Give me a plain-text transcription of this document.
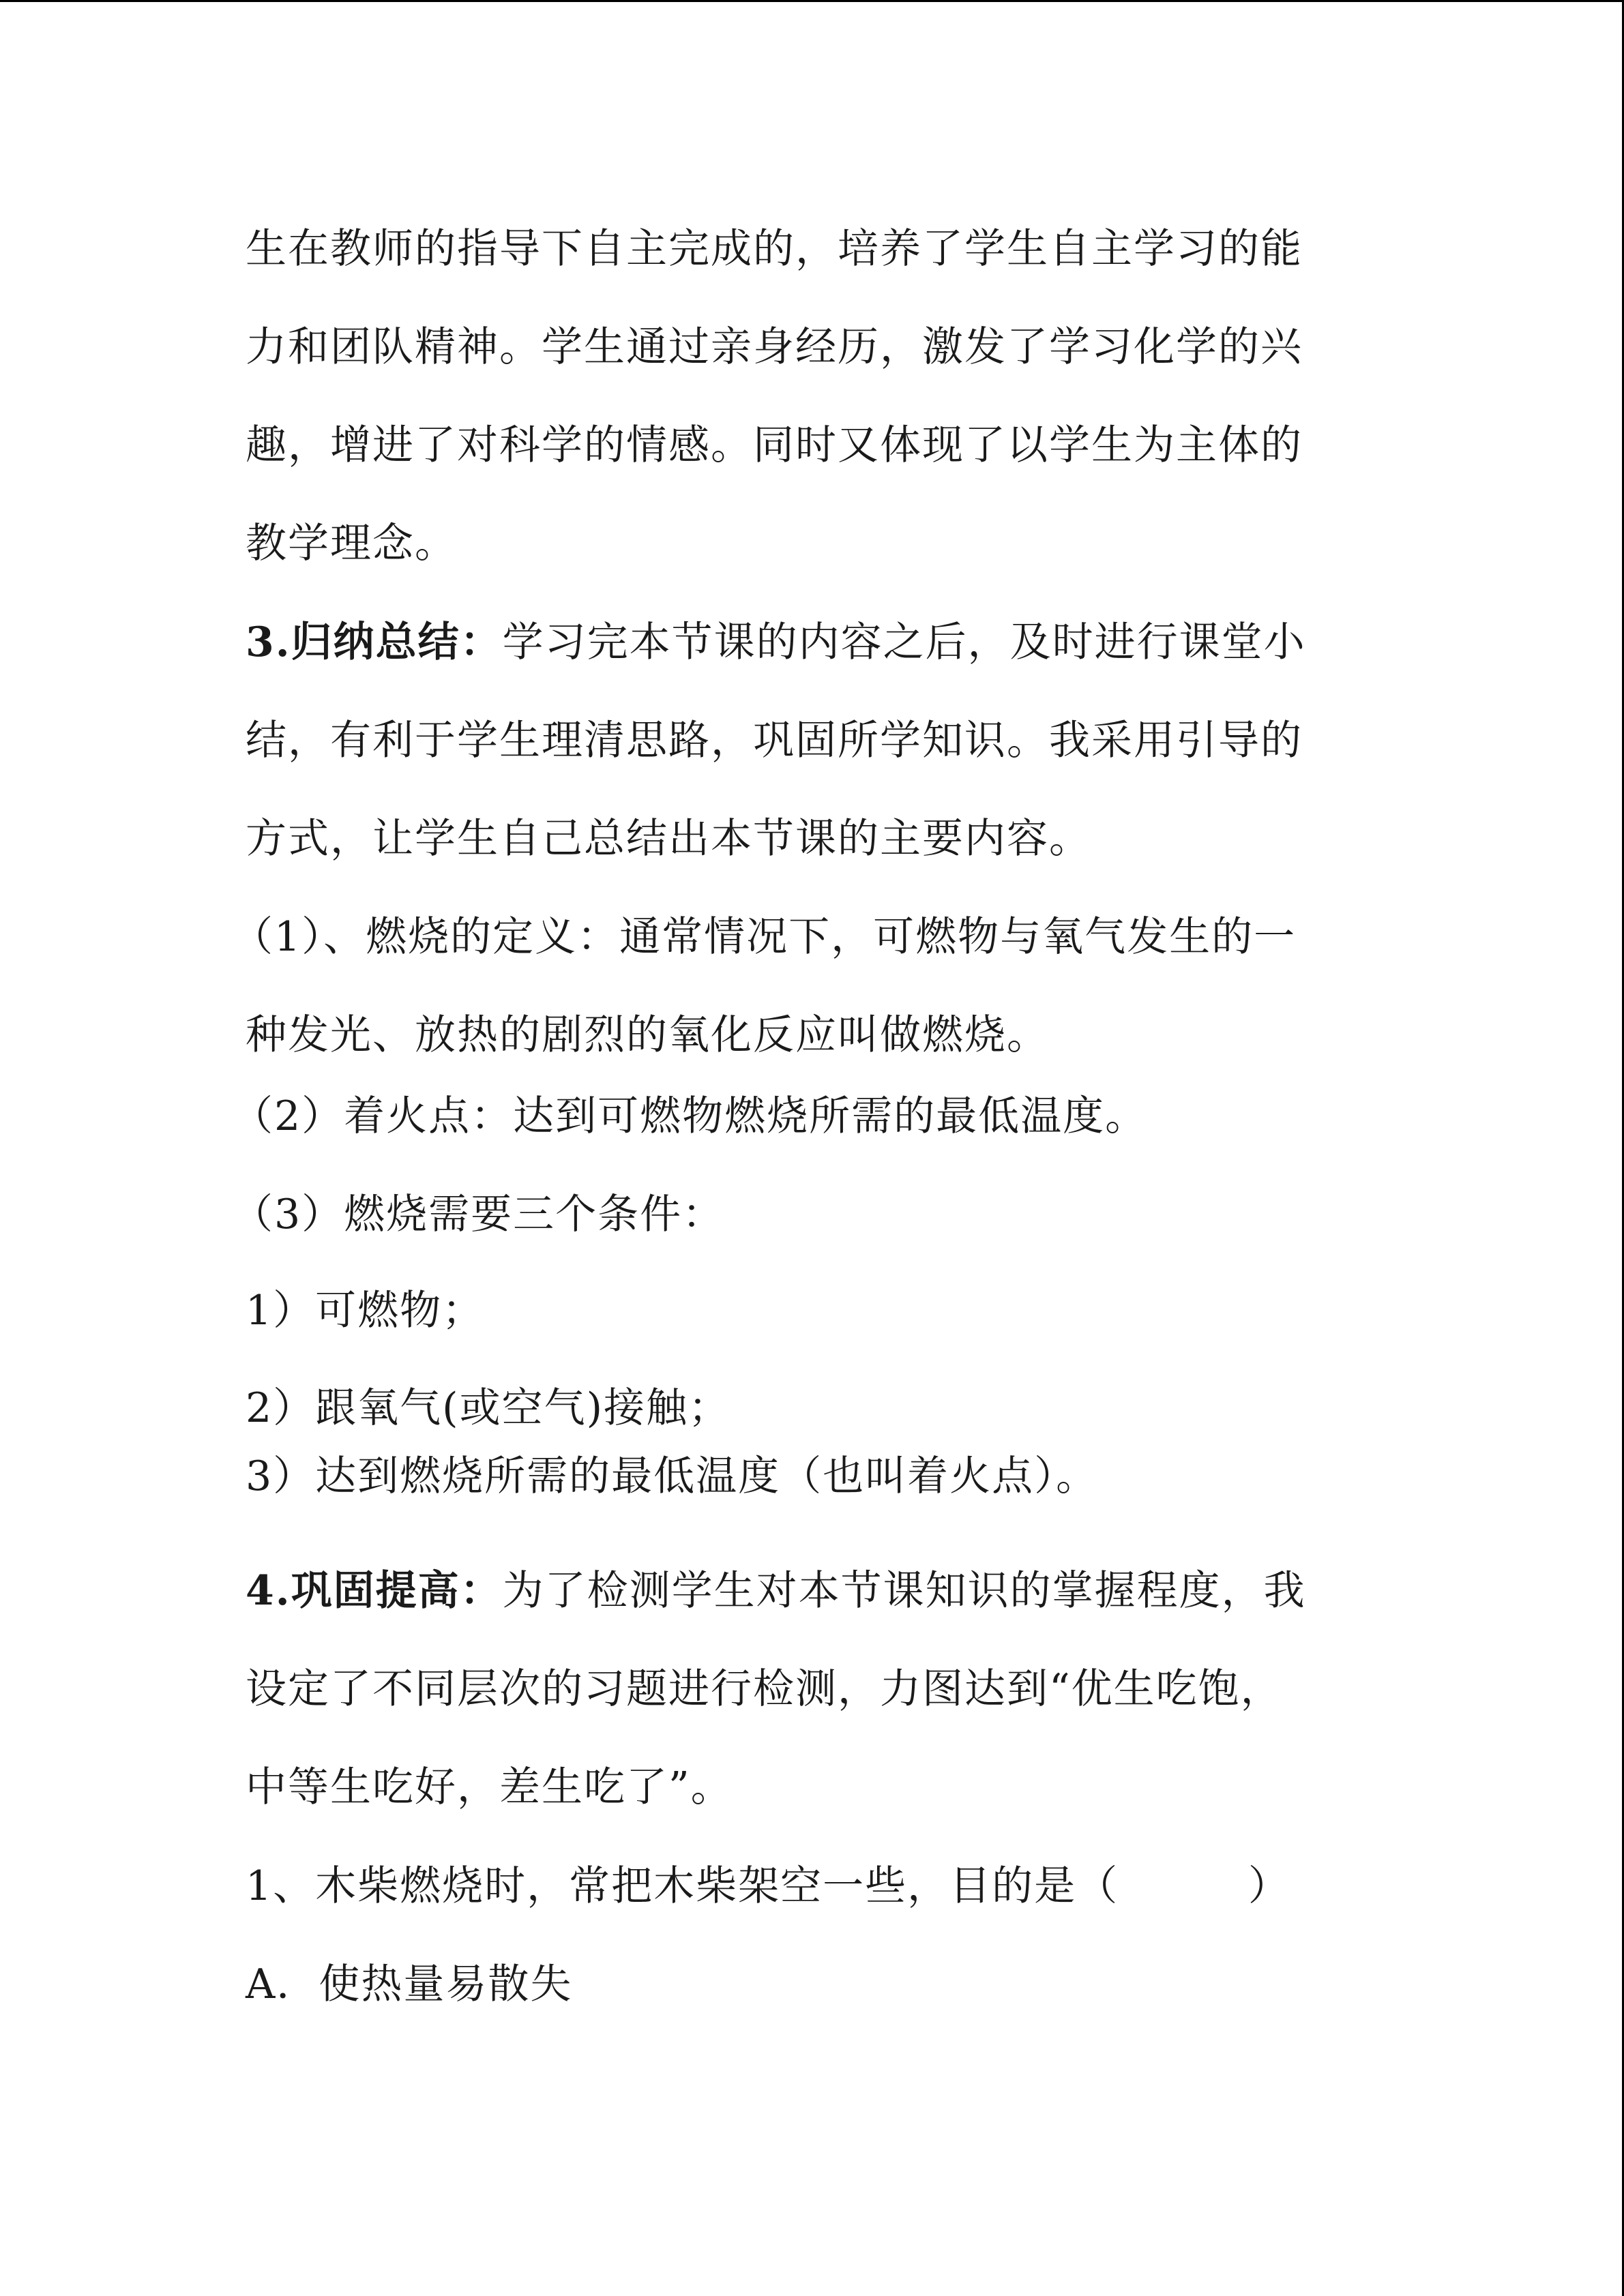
生在教师的指导下自主完成的，培养了学生自主学习的能

力和团队精神。学生通过亲身经历，激发了学习化学的兴

趣，增进了对科学的情感。同时又体现了以学生为主体的

教学理念。

3.归纳总结：学习完本节课的内容之后，及时进行课堂小

结，有利于学生理清思路，巩固所学知识。我采用引导的

方式，让学生自己总结出本节课的主要内容。

（1）、燃烧的定义：通常情况下，可燃物与氧气发生的一

种发光、放热的剧烈的氧化反应叫做燃烧。

（2）着火点：达到可燃物燃烧所需的最低温度。

（3）燃烧需要三个条件：

1）可燃物；

2）跟氧气(或空气)接触；

3）达到燃烧所需的最低温度（也叫着火点）。

4.巩固提高：为了检测学生对本节课知识的掌握程度，我

设定了不同层次的习题进行检测，力图达到“优生吃饱，

中等生吃好，差生吃了”。

1、木柴燃烧时，常把木柴架空一些，目的是（         ）

A．使热量易散失
